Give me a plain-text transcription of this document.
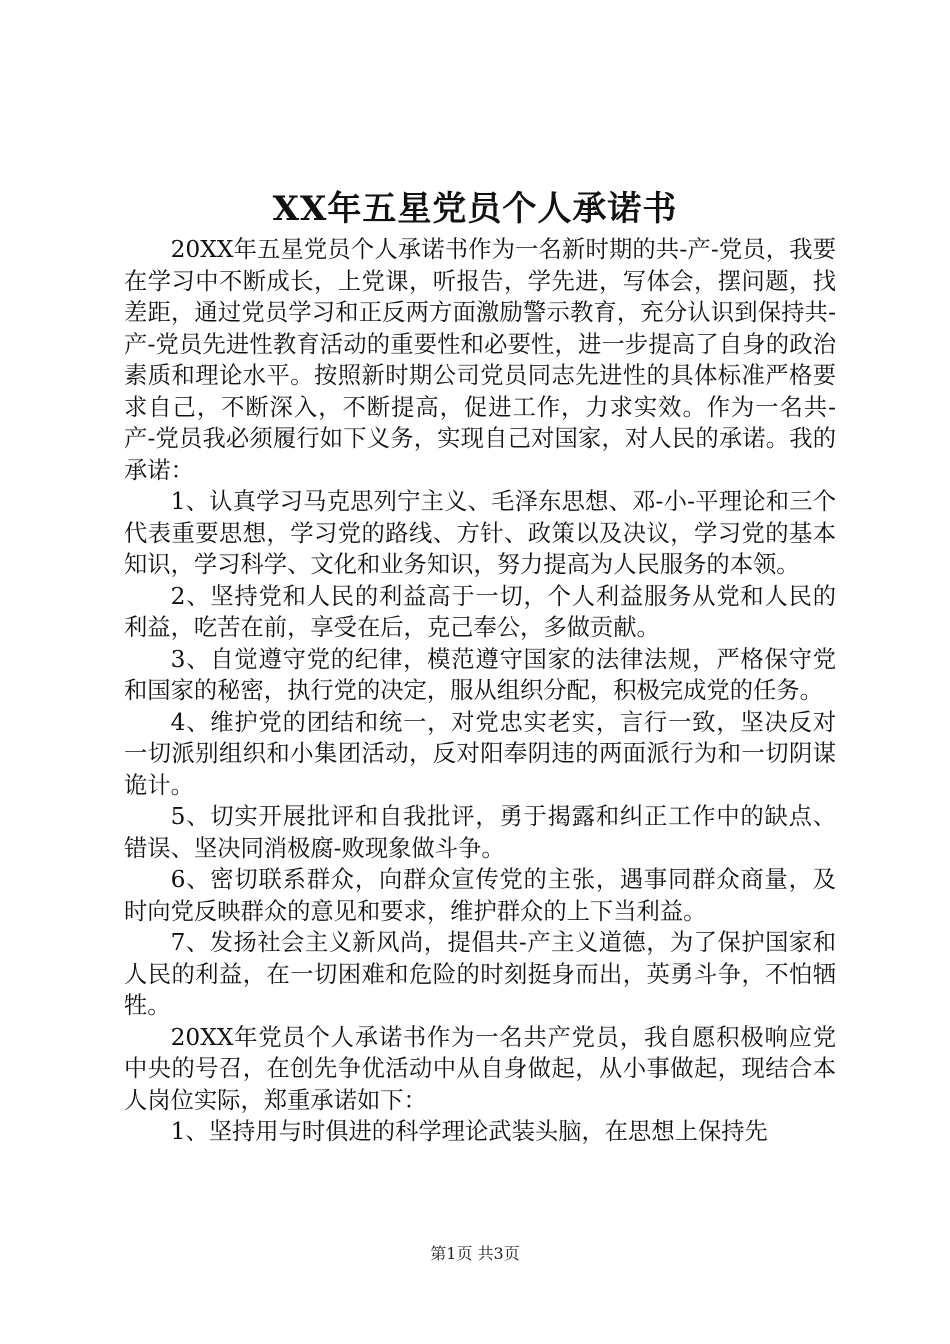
XX年五星党员个人承诺书

20XX年五星党员个人承诺书作为一名新时期的共-产-党员，我要在学习中不断成长，上党课，听报告，学先进，写体会，摆问题，找差距，通过党员学习和正反两方面激励警示教育，充分认识到保持共-产-党员先进性教育活动的重要性和必要性，进一步提高了自身的政治素质和理论水平。按照新时期公司党员同志先进性的具体标准严格要求自己，不断深入，不断提高，促进工作，力求实效。作为一名共-产-党员我必须履行如下义务，实现自己对国家，对人民的承诺。我的承诺：

1、认真学习马克思列宁主义、毛泽东思想、邓-小-平理论和三个代表重要思想，学习党的路线、方针、政策以及决议，学习党的基本知识，学习科学、文化和业务知识，努力提高为人民服务的本领。

2、坚持党和人民的利益高于一切，个人利益服务从党和人民的利益，吃苦在前，享受在后，克己奉公，多做贡献。

3、自觉遵守党的纪律，模范遵守国家的法律法规，严格保守党和国家的秘密，执行党的决定，服从组织分配，积极完成党的任务。

4、维护党的团结和统一，对党忠实老实，言行一致，坚决反对一切派别组织和小集团活动，反对阳奉阴违的两面派行为和一切阴谋诡计。

5、切实开展批评和自我批评，勇于揭露和纠正工作中的缺点、错误、坚决同消极腐-败现象做斗争。

6、密切联系群众，向群众宣传党的主张，遇事同群众商量，及时向党反映群众的意见和要求，维护群众的上下当利益。

7、发扬社会主义新风尚，提倡共-产主义道德，为了保护国家和人民的利益，在一切困难和危险的时刻挺身而出，英勇斗争，不怕牺牲。

20XX年党员个人承诺书作为一名共产党员，我自愿积极响应党中央的号召，在创先争优活动中从自身做起，从小事做起，现结合本人岗位实际，郑重承诺如下：

1、坚持用与时俱进的科学理论武装头脑，在思想上保持先

第1页 共3页
